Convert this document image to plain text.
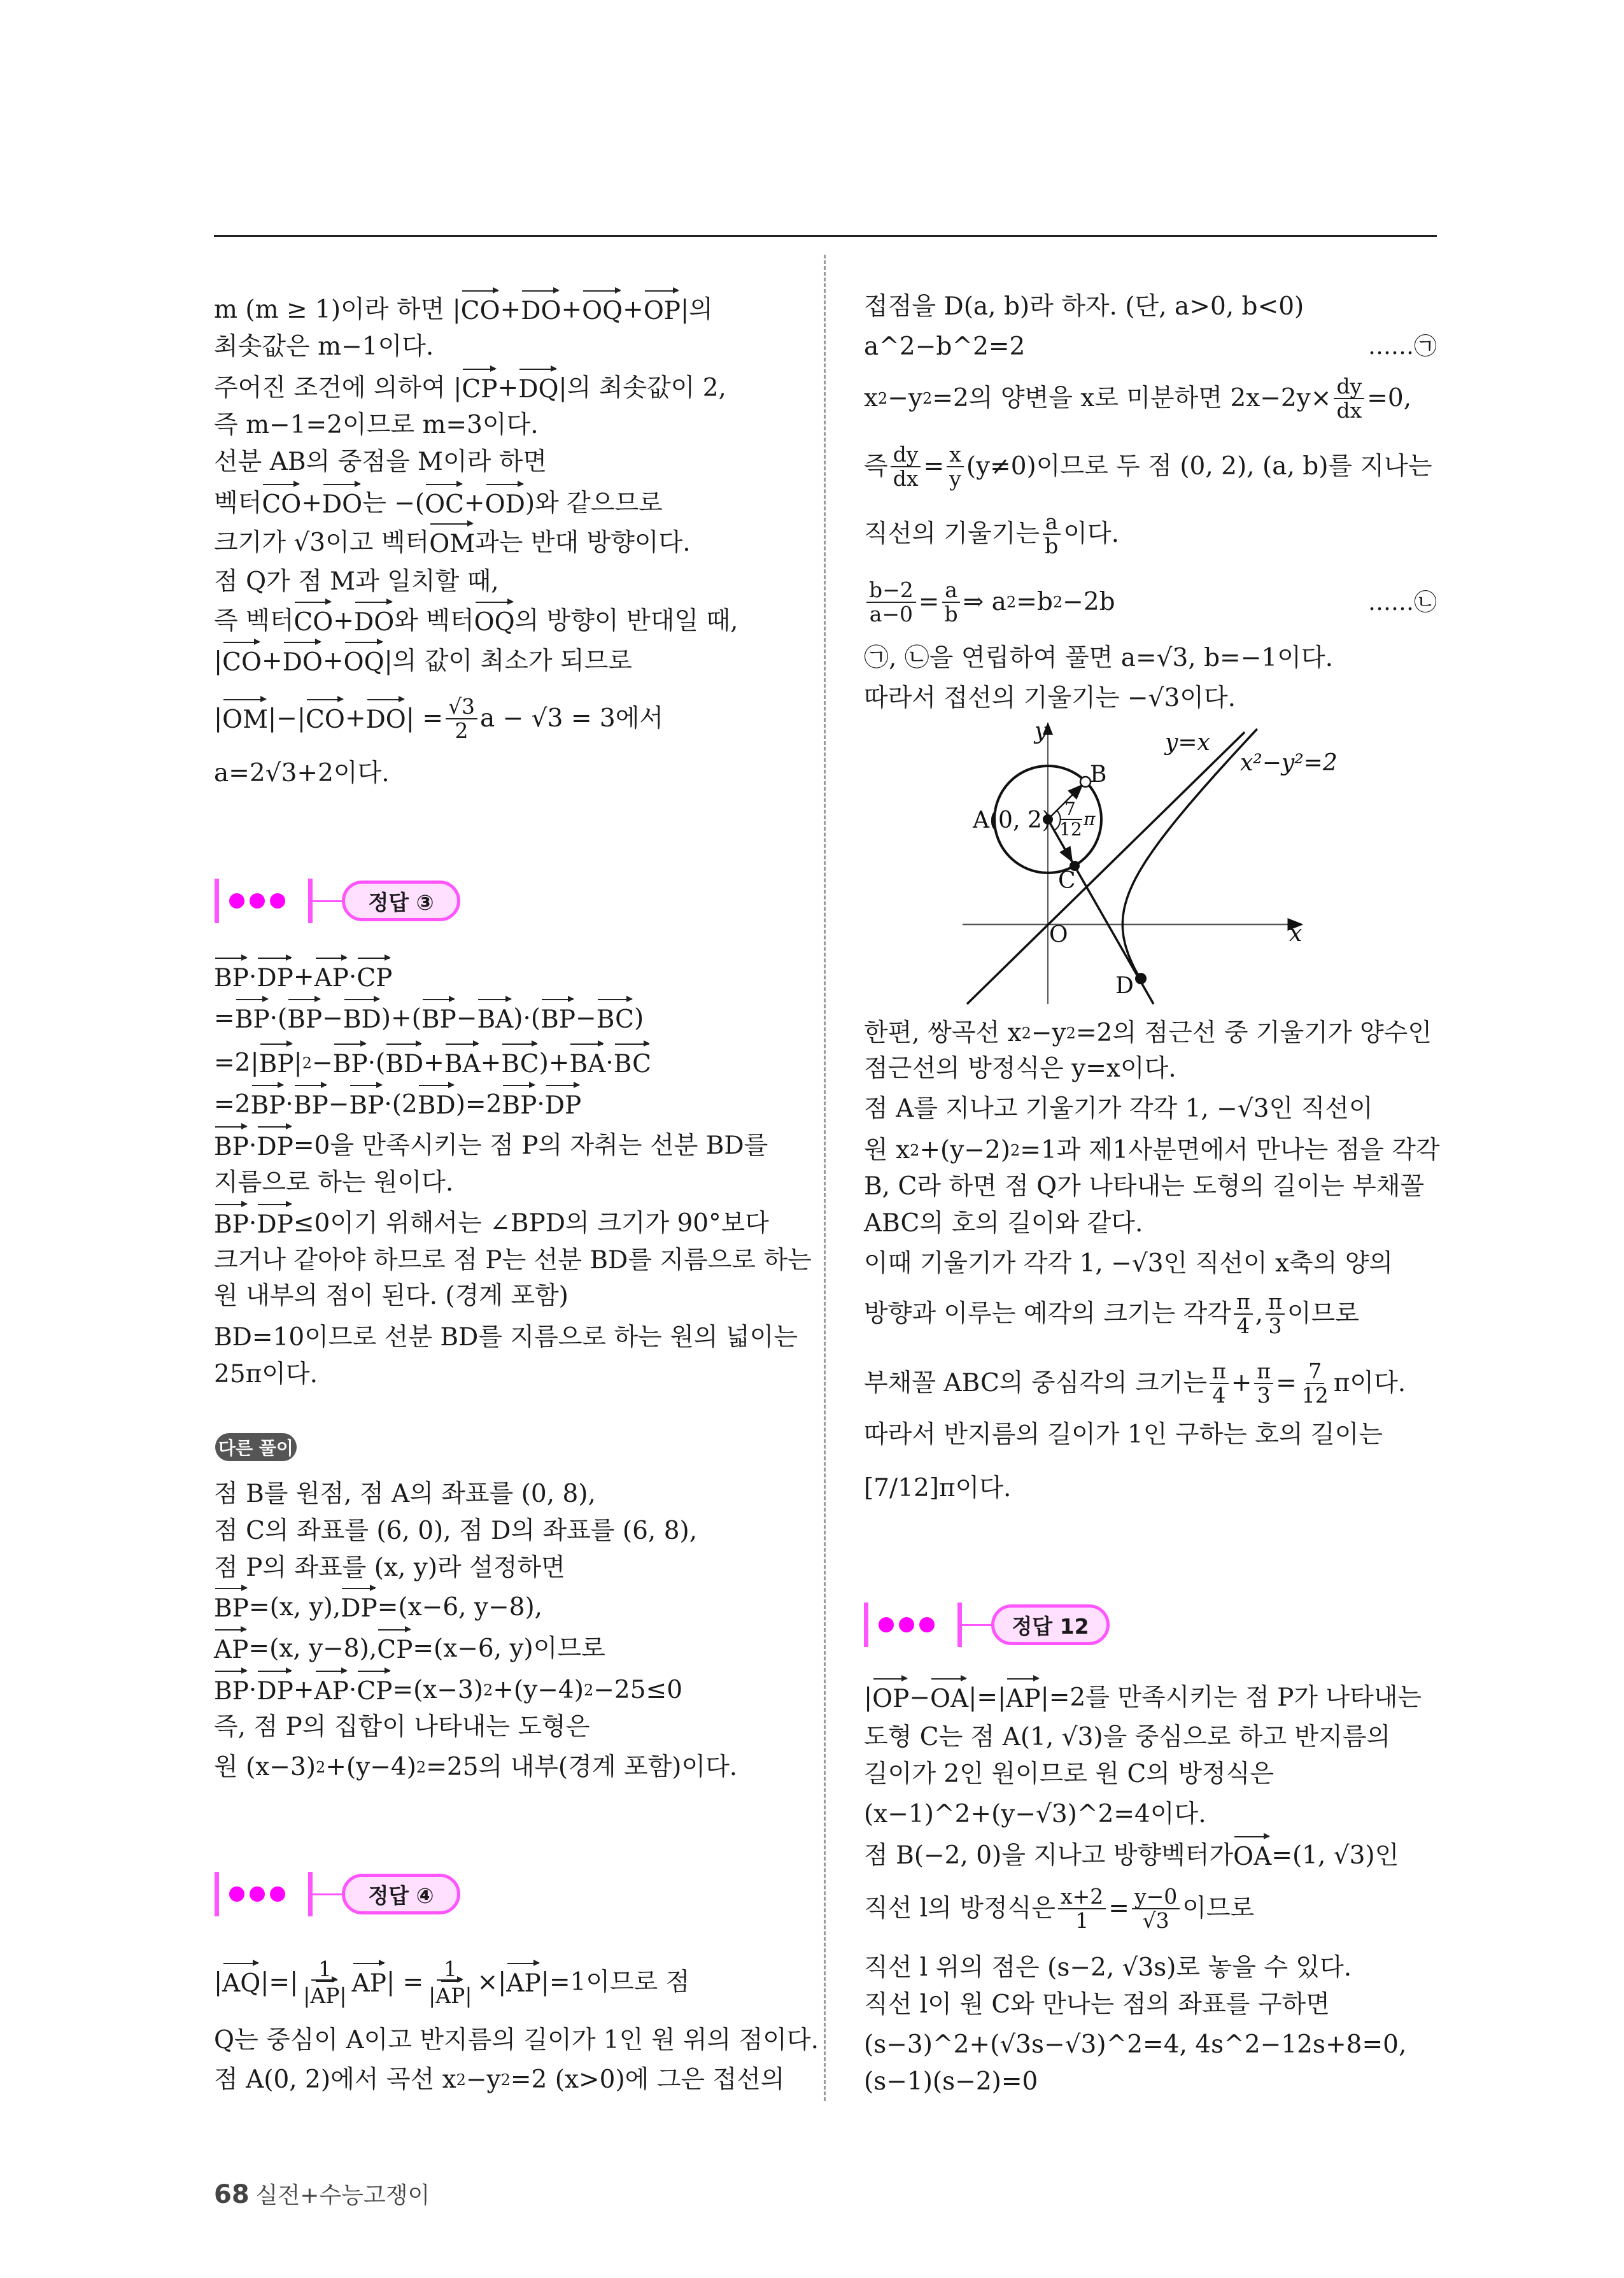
m (m ≥ 1)이라 하면 | CO + DO + OQ + OP |의
최솟값은 m−1이다.
주어진 조건에 의하여 | CP + DQ |의 최솟값이 2,
즉 m−1=2이므로 m=3이다.
선분 AB의 중점을 M이라 하면
벡터 CO + DO 는 −( OC + OD )와 같으므로
크기가 √3이고 벡터 OM 과는 반대 방향이다.
점 Q가 점 M과 일치할 때,
즉 벡터 CO + DO 와 벡터 OQ 의 방향이 반대일 때,
| CO + DO + OQ |의 값이 최소가 되므로
| OM |−| CO + DO | = $\frac{√3}{2}$ a − √3 = 3에서
a=2√3+2이다.
BP · DP + AP · CP
= BP ·( BP − BD )+( BP − BA )·( BP − BC )
=2| BP | 2 − BP ·( BD + BA + BC )+ BA · BC
=2 BP · BP − BP ·(2 BD )=2 BP · DP
BP · DP =0을 만족시키는 점 P의 자취는 선분 BD를
지름으로 하는 원이다.
BP · DP ≤0이기 위해서는 ∠BPD의 크기가 90°보다
크거나 같아야 하므로 점 P는 선분 BD를 지름으로 하는
원 내부의 점이 된다. (경계 포함)
BD=10이므로 선분 BD를 지름으로 하는 원의 넓이는
25π이다.
점 B를 원점, 점 A의 좌표를 (0, 8),
점 C의 좌표를 (6, 0), 점 D의 좌표를 (6, 8),
점 P의 좌표를 (x, y)라 설정하면
BP =(x, y), DP =(x−6, y−8),
AP =(x, y−8), CP =(x−6, y)이므로
BP · DP + AP · CP =(x−3) 2 +(y−4) 2 −25≤0
즉, 점 P의 집합이 나타내는 도형은
원 (x−3) 2 +(y−4) 2 =25의 내부(경계 포함)이다.
| AQ |=| $\frac{1}{|AP|}$ AP | = $\frac{1}{|AP|}$ ×| AP |=1이므로 점
Q는 중심이 A이고 반지름의 길이가 1인 원 위의 점이다.
점 A(0, 2)에서 곡선 x 2 −y 2 =2 (x>0)에 그은 접선의
접점을 D(a, b)라 하자. (단, a>0, b<0)
a^2−b^2=2
x 2 −y 2 =2의 양변을 x로 미분하면 $2x-2y\times \frac{dy}{dx} =0$,
즉 $\frac{dy}{dx} = \frac{x}{y} (y\ne 0)$이므로 두 점 (0, 2), (a, b)를 지나는
직선의 기울기는 $\frac{a}{b}$ 이다.
$\frac{b-2}{a-0} = \frac{a}{b}$ ⇒ a 2 =b 2 −2b
㉠, ㉡을 연립하여 풀면 a=√3, b=−1이다.
따라서 접선의 기울기는 −√3이다.
한편, 쌍곡선 x 2 −y 2 =2의 점근선 중 기울기가 양수인
점근선의 방정식은 y=x이다.
점 A를 지나고 기울기가 각각 1, −√3인 직선이
원 x 2 +(y−2) 2 =1과 제1사분면에서 만나는 점을 각각
B, C라 하면 점 Q가 나타내는 도형의 길이는 부채꼴
ABC의 호의 길이와 같다.
이때 기울기가 각각 1, −√3인 직선이 x축의 양의
방향과 이루는 예각의 크기는 각각 $\frac{\pi}{4}$ , $\frac{\pi}{3}$ 이므로
부채꼴 ABC의 중심각의 크기는 $\frac{\pi}{4} + \frac{\pi}{3} = \frac{7}{12}$ π이다.
따라서 반지름의 길이가 1인 구하는 호의 길이는
[7/12]π이다.
| OP − OA |=| AP |=2를 만족시키는 점 P가 나타내는
도형 C는 점 A(1, √3)을 중심으로 하고 반지름의
길이가 2인 원이므로 원 C의 방정식은
(x−1)^2+(y−√3)^2=4이다.
점 B(−2, 0)을 지나고 방향벡터가 OA =(1, √3)인
직선 l의 방정식은 $\frac{x+2}{1} = \frac{y-0}{√3}$ 이므로
직선 l 위의 점은 (s−2, √3s)로 놓을 수 있다.
직선 l이 원 C와 만나는 점의 좌표를 구하면
(s−3)^2+(√3s−√3)^2=4, 4s^2−12s+8=0,
(s−1)(s−2)=0
……㉠
……㉡
정답 ③
다른 풀이
정답 ④
정답 12
y
x
O
y=x
x²−y²=2
A(0, 2)
B
C
D
7
12 π
68 실전+수능고쟁이
